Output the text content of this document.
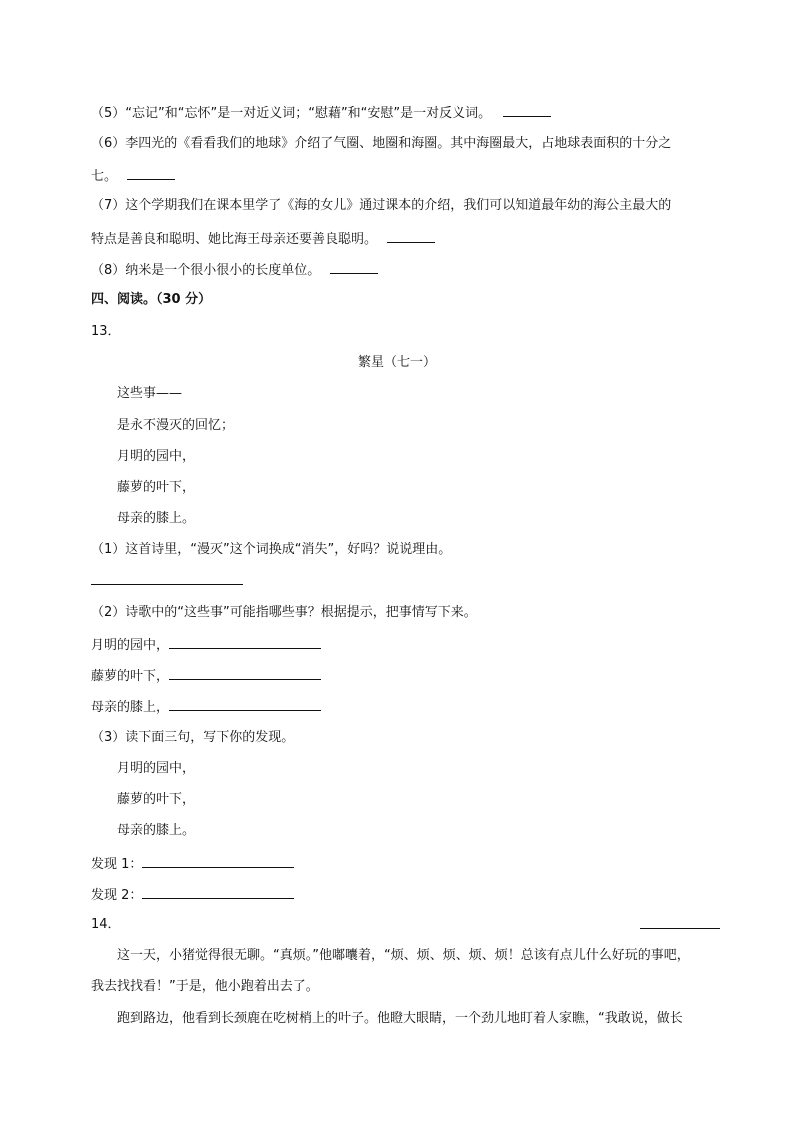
（5）“忘记”和“忘怀”是一对近义词；“慰藉”和“安慰”是一对反义词。
（6）李四光的《看看我们的地球》介绍了气圈、地圈和海圈。其中海圈最大，占地球表面积的十分之
七。
（7）这个学期我们在课本里学了《海的女儿》通过课本的介绍，我们可以知道最年幼的海公主最大的
特点是善良和聪明、她比海王母亲还要善良聪明。
（8）纳米是一个很小很小的长度单位。
四、阅读。（30 分）
13．
繁星（七一）
这些事——
是永不漫灭的回忆；
月明的园中，
藤萝的叶下，
母亲的膝上。
（1）这首诗里，“漫灭”这个词换成“消失”，好吗？说说理由。
（2）诗歌中的“这些事”可能指哪些事？根据提示，把事情写下来。
月明的园中，
藤萝的叶下，
母亲的膝上，
（3）读下面三句，写下你的发现。
月明的园中，
藤萝的叶下，
母亲的膝上。
发现 1：
发现 2：
14．
这一天，小猪觉得很无聊。“真烦。”他嘟囔着，“烦、烦、烦、烦、烦！总该有点儿什么好玩的事吧，
我去找找看！”于是，他小跑着出去了。
跑到路边，他看到长颈鹿在吃树梢上的叶子。他瞪大眼睛，一个劲儿地盯着人家瞧，“我敢说，做长
